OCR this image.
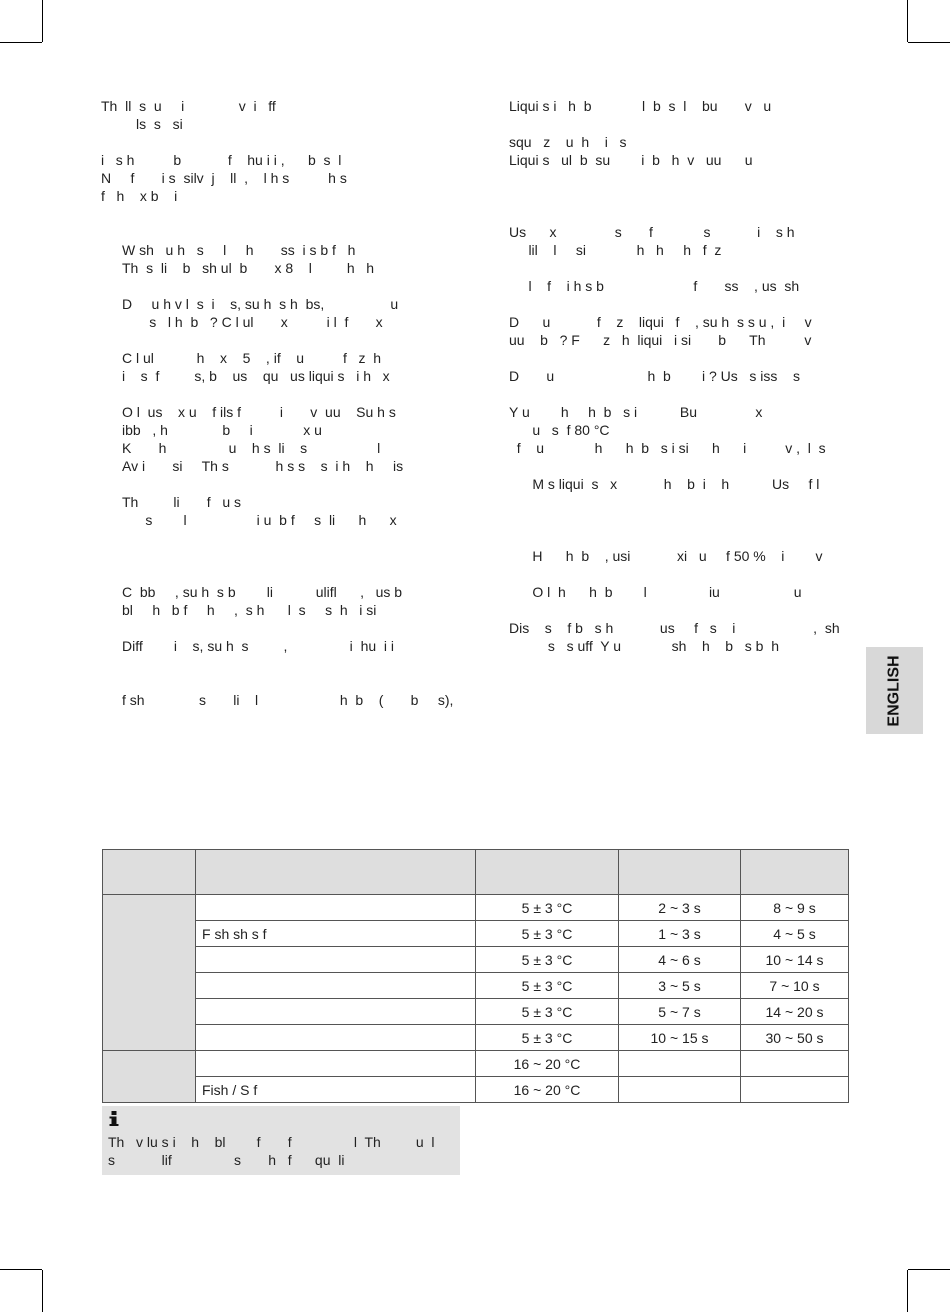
Th  ll  s  u     i              v  i   ff
ls  s   si
i   s h          b            f    hu i i ,      b  s  l
N     f       i s  silv  j    ll  ,    l h s          h s
f   h    x b    i
W sh   u h   s     l     h       ss  i s b f   h
Th  s  li    b   sh ul  b       x 8    l         h   h
D     u h v l  s  i    s, su h  s h  bs,                 u
s   l h  b   ? C l ul       x          i l  f       x
C l ul           h    x    5    , if    u          f   z  h
i    s  f         s, b    us    qu   us liqui s   i h   x
O l  us    x u    f ils f          i       v  uu    Su h s
ibb   , h              b     i             x u
K       h                u    h s  li    s                  l
Av i       si     Th s            h s s    s  i h    h     is
Th         li       f   u s
s        l                  i u  b f     s  li      h      x
C  bb     , su h  s b        li           ulifl      ,   us b
bl     h   b f     h     ,  s h      l  s     s  h   i si
Diff        i    s, su h  s         ,                i  hu  i i
f sh              s       li    l                     h  b    (       b     s),
Liqui s i   h  b             l  b  s  l    bu       v   u
squ   z    u  h    i   s
Liqui s   ul  b  su        i  b   h  v   uu      u
Us      x               s       f             s            i    s h
lil    l     si             h   h     h   f  z
l    f    i h s b                       f       ss    , us  sh
D      u            f    z    liqui   f    , su h  s s u ,  i     v
uu    b   ? F      z   h  liqui   i si       b      Th          v
D       u                        h  b        i ? Us   s iss    s
Y u        h     h  b   s i           Bu               x
u   s  f 80 °C
f    u             h      h  b   s i si      h      i          v ,  l  s
M s liqui  s   x            h    b  i    h           Us     f l
H      h  b    , usi            xi   u     f 50 %    i        v
O l  h      h  b        l                iu                   u
Dis    s    f b   s h            us     f   s    i                    ,  sh
s   s uff  Y u             sh    h    b   s b  h
ENGLISH

		5 ± 3 °C	2 ~ 3 s	8 ~ 9 s
	F sh sh s f	5 ± 3 °C	1 ~ 3 s	4 ~ 5 s
		5 ± 3 °C	4 ~ 6 s	10 ~ 14 s
		5 ± 3 °C	3 ~ 5 s	7 ~ 10 s
		5 ± 3 °C	5 ~ 7 s	14 ~ 20 s
		5 ± 3 °C	10 ~ 15 s	30 ~ 50 s
		16 ~ 20 °C		
	Fish / S f	16 ~ 20 °C		
Th   v lu s i    h    bl        f       f                l  Th         u  l
s            lif                s       h   f      qu  li
